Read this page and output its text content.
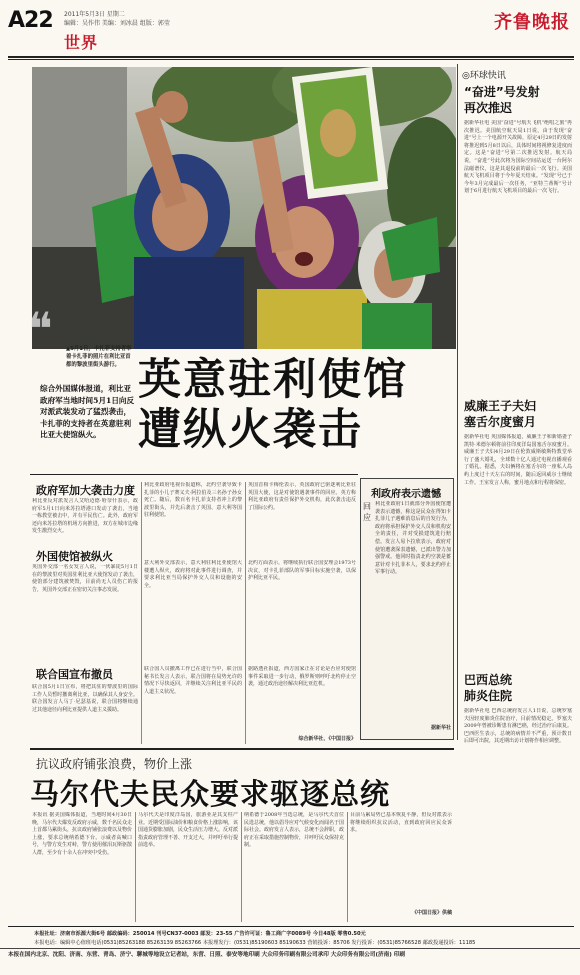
A22 2011年5月3日 星期二
编辑：吴作伟 美编：刘冰晨 组版：郭莹
世界
齐鲁晚报
❝ ▲5月1日，卡扎菲支持者举着卡扎菲的照片在利比亚首都的黎波里街头游行。
综合外国媒体报道，利比亚政府军当地时间5月1日向反对派武装发动了猛烈袭击，卡扎菲的支持者在英意驻利比亚大使馆纵火。
英意驻利使馆
遭纵火袭击
政府军加大袭击力度
利比亚反对派发言人艾哈迈德·哈奈什表示，政府军5月1日向米苏拉塔港口发动了袭击，当地一栋教堂被击中，并有平民伤亡。此外，政府军还向米苏拉塔的机场方向推进，双方在城市边缘发生激烈交火。
外国使馆被纵火
英国外交部一名女发言人说，一伙暴徒5月1日在的黎波里对英国驻利比亚大使馆发动了袭击，使馆部分建筑被焚毁，目前尚无人员伤亡的报告，英国外交部正在密切关注事态发展。
联合国宣布撤员
联合国5月1日宣布，将把其驻的黎波里的国际工作人员暂时撤离利比亚，以确保其人身安全。联合国发言人马丁·尼瑟基说，联合国将继续通过其他途径向利比亚提供人道主义援助。
利比亚政府电视台报道称，北约空袭导致卡扎菲的小儿子赛义夫·阿拉伯及三名孙子孙女死亡。随后，数百名卡扎菲支持者冲上的黎波里街头，并先后袭击了英国、意大利等国驻利使馆。
意大利外交部表示，意大利驻利比亚使馆大楼遭人纵火，政府将对此事件进行调查，并要求利比亚当局保护外交人员和设施的安全。
联合国人员撤离工作已在进行当中，联合国秘书长发言人表示，联合国将在局势允许的情况下尽快返回，并继续关注利比亚平民的人道主义状况。
英国首相卡梅伦表示，英国政府已驱逐利比亚驻英国大使，这是对使馆遇袭事件的回应。英方称利比亚政府有责任保护外交机构，此次袭击违反了国际公约。
北约方面表示，将继续执行联合国安理会1973号决议，对卡扎菲部队的军事目标实施空袭，以保护利比亚平民。
据路透社报道，西方国家正在讨论是否应对使馆事件采取进一步行动，俄罗斯则呼吁北约停止空袭，通过政治途径解决利比亚危机。
综合新华社、《中国日报》
利政府表示遗憾
回应
利比亚政府1日就部分外国使馆遭袭表示遗憾，称这是民众在得知卡扎菲儿子遇难消息后的自发行为，政府将承担保护外交人员和机构安全的责任，并对受损建筑进行赔偿。发言人易卜拉欣表示，政府对使馆遭袭深表遗憾，已派出警力加强警戒。他同时指责北约空袭是蓄意针对卡扎菲本人，要求北约停止军事行动。
据新华社
◎环球快讯
“奋进”号发射
再次推迟
据新华社电 美国“奋进”号航天飞机“绝唱之旅”再次推迟。美国航空航天局1日说，由于发现“奋进”号上一个电源开关故障，原定4月29日的发射将推迟到5月8日以后，具体时间将视修复进度而定。这是“奋进”号第二次推迟发射。航天局说，“奋进”号此次将为国际空间站运送一台阿尔法磁谱仪，这是其退役前的最后一次飞行。美国航天飞机项目将于今年夏天结束。“发现”号已于今年3月完成最后一次任务，“亚特兰蒂斯”号计划于6月进行航天飞机项目的最后一次飞行。
威廉王子夫妇
塞舌尔度蜜月
据新华社电 英国媒体报道，威廉王子和新婚妻子凯特·米德尔顿将前往印度洋岛国塞舌尔度蜜月。威廉王子夫妇4月29日在伦敦威斯敏斯特教堂举行了盛大婚礼，全球数十亿人通过电视直播观看了婚礼。据悉，夫妇俩将在塞舌尔的一座私人岛屿上度过十天左右的时间，随后返回威尔士继续工作。王室发言人称，蜜月地点和行程将保密。
巴西总统
肺炎住院
据新华社电 巴西总统府发言人1日说，总统罗塞夫因轻度肺炎住院治疗，目前情况稳定。罗塞夫2009年曾被诊断患有淋巴癌，经过治疗后康复。巴西医生表示，总统的病情并不严重，预计数日后即可出院，其近期出访计划将作相应调整。
抗议政府铺张浪费，物价上涨
马尔代夫民众要求驱逐总统
本报讯 据美国媒体报道，当地时间4月30日晚，马尔代夫爆发反政府示威，数千名民众走上首都马累街头，抗议政府铺张浪费以及物价上涨，要求总统纳希德下台。示威者高喊口号，与警方发生对峙，警方使用催泪瓦斯驱散人群，至少有十余人在冲突中受伤。
马尔代夫是印度洋岛国，旅游业是其支柱产业。近期受国际油价和粮食价格上涨影响，该国通货膨胀加剧，民众生活压力增大。反对派指责政府管理不善、开支过大，并呼吁举行提前选举。
纳希德于2008年当选总统，是马尔代夫首位民选总统，他以倡导应对气候变化而闻名于国际社会。政府发言人表示，总统不会辞职，政府正在采取措施控制物价，并呼吁民众保持克制。
目前马累局势已基本恢复平静，但反对派表示将继续组织抗议活动，直到政府回应民众诉求。
《中国日报》供稿
本报社址：济南市泺源大街6号 邮政编码：250014 刊号CN37-0003 邮发：23-55 广告许可证：鲁工商广字0089号 今日48版 零售0.50元
本报电话：编辑中心值班电话(0531)85263188 85263139 85263766 本报理发行：(0531)85190603 85190633 营销投诉：85706 发行投诉：(0531)85766528 邮政投递投诉：11185
本报在国内北京、沈阳、济南、东营、青岛、济宁、聊城等地设立记者站，东营、日照、泰安等地印刷 大众印务印刷有限公司承印 大众印务有限公司(济南) 印刷
